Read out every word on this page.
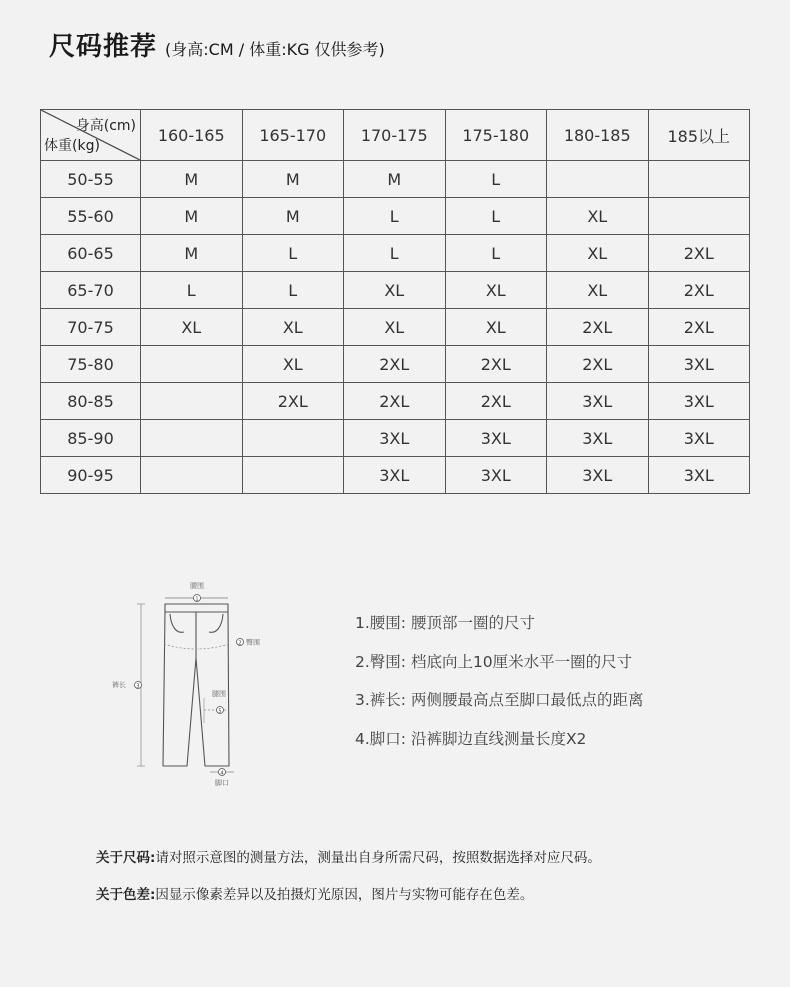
尺码推荐 (身高:CM / 体重:KG 仅供参考)
身高(cm)
体重(kg)	160-165	165-170	170-175	175-180	180-185	185以上
50-55	M	M	M	L		
55-60	M	M	L	L	XL	
60-65	M	L	L	L	XL	2XL
65-70	L	L	XL	XL	XL	2XL
70-75	XL	XL	XL	XL	2XL	2XL
75-80		XL	2XL	2XL	2XL	3XL
80-85		2XL	2XL	2XL	3XL	3XL
85-90			3XL	3XL	3XL	3XL
90-95			3XL	3XL	3XL	3XL
腰围
1
2 臀围
裤长 3
腿围
5
4
脚口
1.腰围: 腰顶部一圈的尺寸
2.臀围: 档底向上10厘米水平一圈的尺寸
3.裤长: 两侧腰最高点至脚口最低点的距离
4.脚口: 沿裤脚边直线测量长度X2
关于尺码:请对照示意图的测量方法，测量出自身所需尺码，按照数据选择对应尺码。
关于色差:因显示像素差异以及拍摄灯光原因，图片与实物可能存在色差。
